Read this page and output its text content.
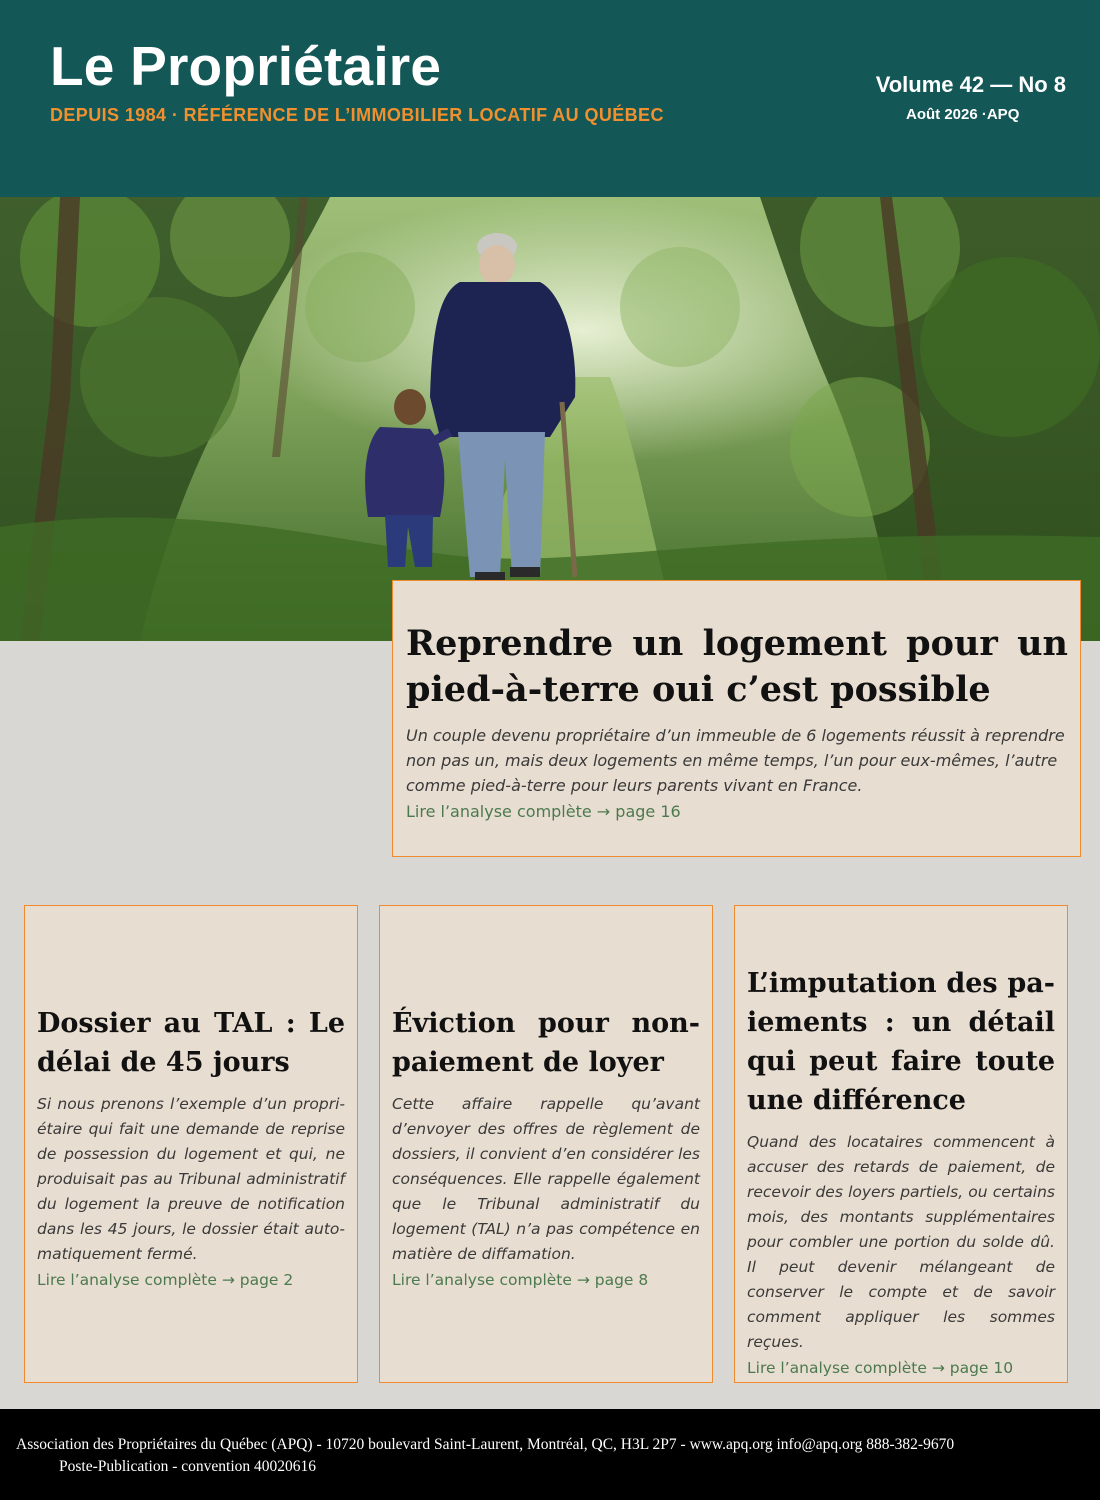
Le Propriétaire
DEPUIS 1984 · RÉFÉRENCE DE L’IMMOBILIER LOCATIF AU QUÉBEC
Volume 42 — No 8
Août 2026 ·APQ
Reprendre un logement pour un pied-à-terre oui c’est possible

Un couple devenu propriétaire d’un immeuble de 6 logements réussit à reprendre non pas un, mais deux logements en même temps, l’un pour eux-mêmes, l’autre comme pied-à-terre pour leurs parents vivant en France.

Lire l’analyse complète → page 16
Dossier au TAL : Le délai de 45 jours

Si nous prenons l’exemple d’un propriétaire qui fait une demande de reprise de possession du logement et qui, ne produisait pas au Tribunal administratif du logement la preuve de notification dans les 45 jours, le dossier était automatiquement fermé.

Lire l’analyse complète → page 2
Éviction pour non-paiement de loyer

Cette affaire rappelle qu’avant d’envoyer des offres de règlement de dossiers, il convient d’en considérer les conséquences. Elle rappelle également que le Tribunal administratif du logement (TAL) n’a pas compétence en matière de diffamation.

Lire l’analyse complète → page 8
L’imputation des paiements : un détail qui peut faire toute une différence

Quand des locataires commencent à accuser des retards de paiement, de recevoir des loyers partiels, ou certains mois, des montants supplémentaires pour combler une portion du solde dû. Il peut devenir mélangeant de conserver le compte et de savoir comment appliquer les sommes reçues.

Lire l’analyse complète → page 10
Association des Propriétaires du Québec (APQ) - 10720 boulevard Saint-Laurent, Montréal, QC, H3L 2P7 - www.apq.org info@apq.org 888-382-9670
Poste-Publication - convention 40020616
